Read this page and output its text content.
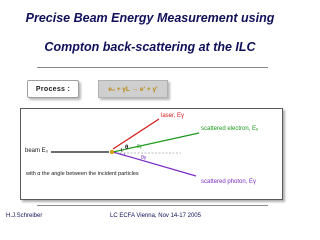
Precise Beam Energy Measurement using
Compton back-scattering at the ILC
Process :	e₀ + γL → e' + γ'
laser, Eγ
scattered electron, Eₑ
beam E₀	θ θₑ
θγ
with α the angle between the incident particles
scattered photon, Eγ
H.J.Schreiber	LC ECFA Vienna, Nov 14-17 2005
